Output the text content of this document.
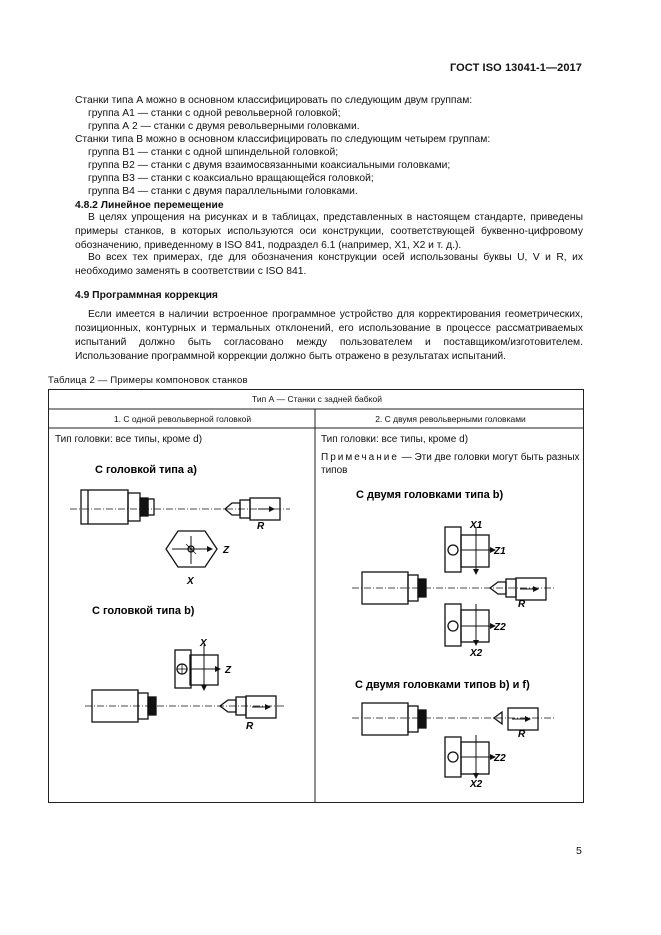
ГОСТ ISO 13041-1—2017
Станки типа А можно в основном классифицировать по следующим двум группам:
группа А1 — станки с одной револьверной головкой;
группа А 2 — станки с двумя револьверными головками.
Станки типа В можно в основном классифицировать по следующим четырем группам:
группа В1 — станки с одной шпиндельной головкой;
группа В2 — станки с двумя взаимосвязанными коаксиальными головками;
группа В3 — станки с коаксиально вращающейся головкой;
группа В4 — станки с двумя параллельными головками.
4.8.2 Линейное перемещение
В целях упрощения на рисунках и в таблицах, представленных в настоящем стандарте, приведены примеры станков, в которых используются оси конструкции, соответствующей буквенно-цифровому обозначению, приведенному в ISO 841, подраздел 6.1 (например, X1, X2 и т. д.).
Во всех тех примерах, где для обозначения конструкции осей использованы буквы U, V и R, их необходимо заменять в соответствии с ISO 841.
4.9 Программная коррекция
Если имеется в наличии встроенное программное устройство для корректирования геометрических, позиционных, контурных и термальных отклонений, его использование в процессе рассматриваемых испытаний должно быть согласовано между пользователем и поставщиком/изготовителем. Использование программной коррекции должно быть отражено в результатах испытаний.
Таблица 2 — Примеры компоновок станков
Тип А — Станки с задней бабкой
1. С одной револьверной головкой	2. С двумя револьверными головками
Тип головки: все типы, кроме d)	Тип головки: все типы, кроме d)
Примечание — Эти две головки могут быть разных
типов
С головкой типа а)
R
Z
X
С головкой типа b)
X
Z
R
С двумя головками типа b)
X1
Z1
R
Z2
X2
С двумя головками типов b) и f)
R
Z2
X2
5
